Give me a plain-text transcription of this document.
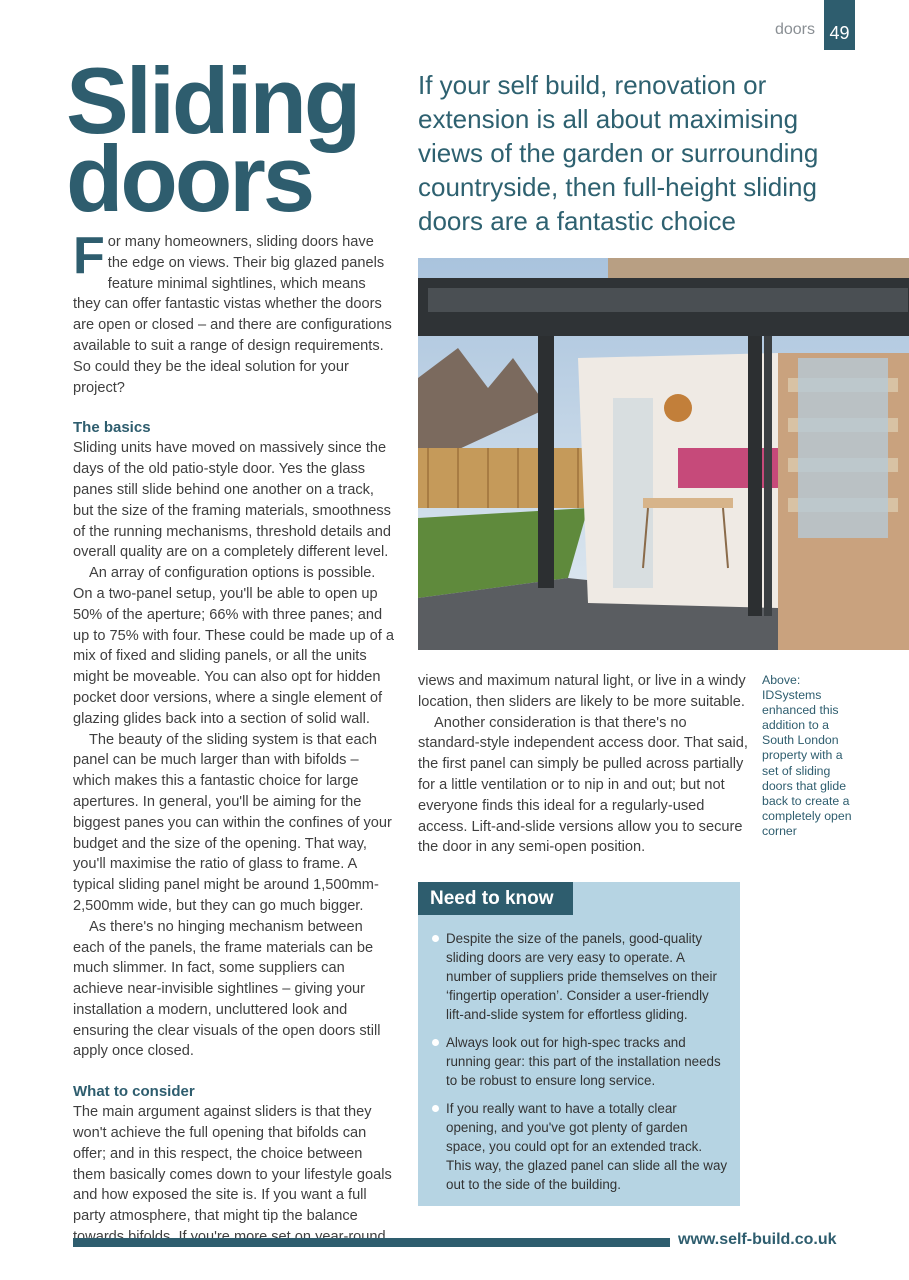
doors 49
Sliding
doors

If your self build, renovation or extension is all about maximising views of the garden or surrounding countryside, then full-height sliding doors are a fantastic choice

For many homeowners, sliding doors have the edge on views. Their big glazed panels feature minimal sightlines, which means they can offer fantastic vistas whether the doors are open or closed – and there are configurations available to suit a range of design requirements. So could they be the ideal solution for your project?

The basics

Sliding units have moved on massively since the days of the old patio-style door. Yes the glass panes still slide behind one another on a track, but the size of the framing materials, smoothness of the running mechanisms, threshold details and overall quality are on a completely different level.

An array of configuration options is possible. On a two-panel setup, you'll be able to open up 50% of the aperture; 66% with three panes; and up to 75% with four. These could be made up of a mix of fixed and sliding panels, or all the units might be moveable. You can also opt for hidden pocket door versions, where a single element of glazing glides back into a section of solid wall.

The beauty of the sliding system is that each panel can be much larger than with bifolds – which makes this a fantastic choice for large apertures. In general, you'll be aiming for the biggest panes you can within the confines of your budget and the size of the opening. That way, you'll maximise the ratio of glass to frame. A typical sliding panel might be around 1,500mm-2,500mm wide, but they can go much bigger.

As there's no hinging mechanism between each of the panels, the frame materials can be much slimmer. In fact, some suppliers can achieve near-invisible sightlines – giving your installation a modern, uncluttered look and ensuring the clear visuals of the open doors still apply once closed.

What to consider

The main argument against sliders is that they won't achieve the full opening that bifolds can offer; and in this respect, the choice between them basically comes down to your lifestyle goals and how exposed the site is. If you want a full party atmosphere, that might tip the balance

views and maximum natural light, or live in a windy location, then sliders are likely to be more suitable.

Another consideration is that there's no standard-style independent access door. That said, the first panel can simply be pulled across partially for a little ventilation or to nip in and out; but not everyone finds this ideal for a regularly-used access. Lift-and-slide versions allow you to secure the door in any semi-open position.

Above: IDSystems enhanced this addition to a South London property with a set of sliding doors that glide back to create a completely open corner

Need to know
Despite the size of the panels, good-quality sliding doors are very easy to operate. A number of suppliers pride themselves on their ‘fingertip operation’. Consider a user-friendly lift-and-slide system for effortless gliding.
Always look out for high-spec tracks and running gear: this part of the installation needs to be robust to ensure long service.
If you really want to have a totally clear opening, and you've got plenty of garden space, you could opt for an extended track. This way, the glazed panel can slide all the way out to the side of the building.
www.self-build.co.uk
